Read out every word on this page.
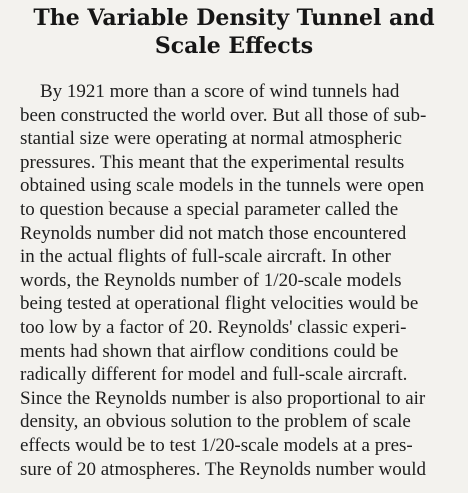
The Variable Density Tunnel and
Scale Effects
By 1921 more than a score of wind tunnels had
been constructed the world over. But all those of sub-
stantial size were operating at normal atmospheric
pressures. This meant that the experimental results
obtained using scale models in the tunnels were open
to question because a special parameter called the
Reynolds number did not match those encountered
in the actual flights of full-scale aircraft. In other
words, the Reynolds number of 1/20-scale models
being tested at operational flight velocities would be
too low by a factor of 20. Reynolds' classic experi-
ments had shown that airflow conditions could be
radically different for model and full-scale aircraft.
Since the Reynolds number is also proportional to air
density, an obvious solution to the problem of scale
effects would be to test 1/20-scale models at a pres-
sure of 20 atmospheres. The Reynolds number would
